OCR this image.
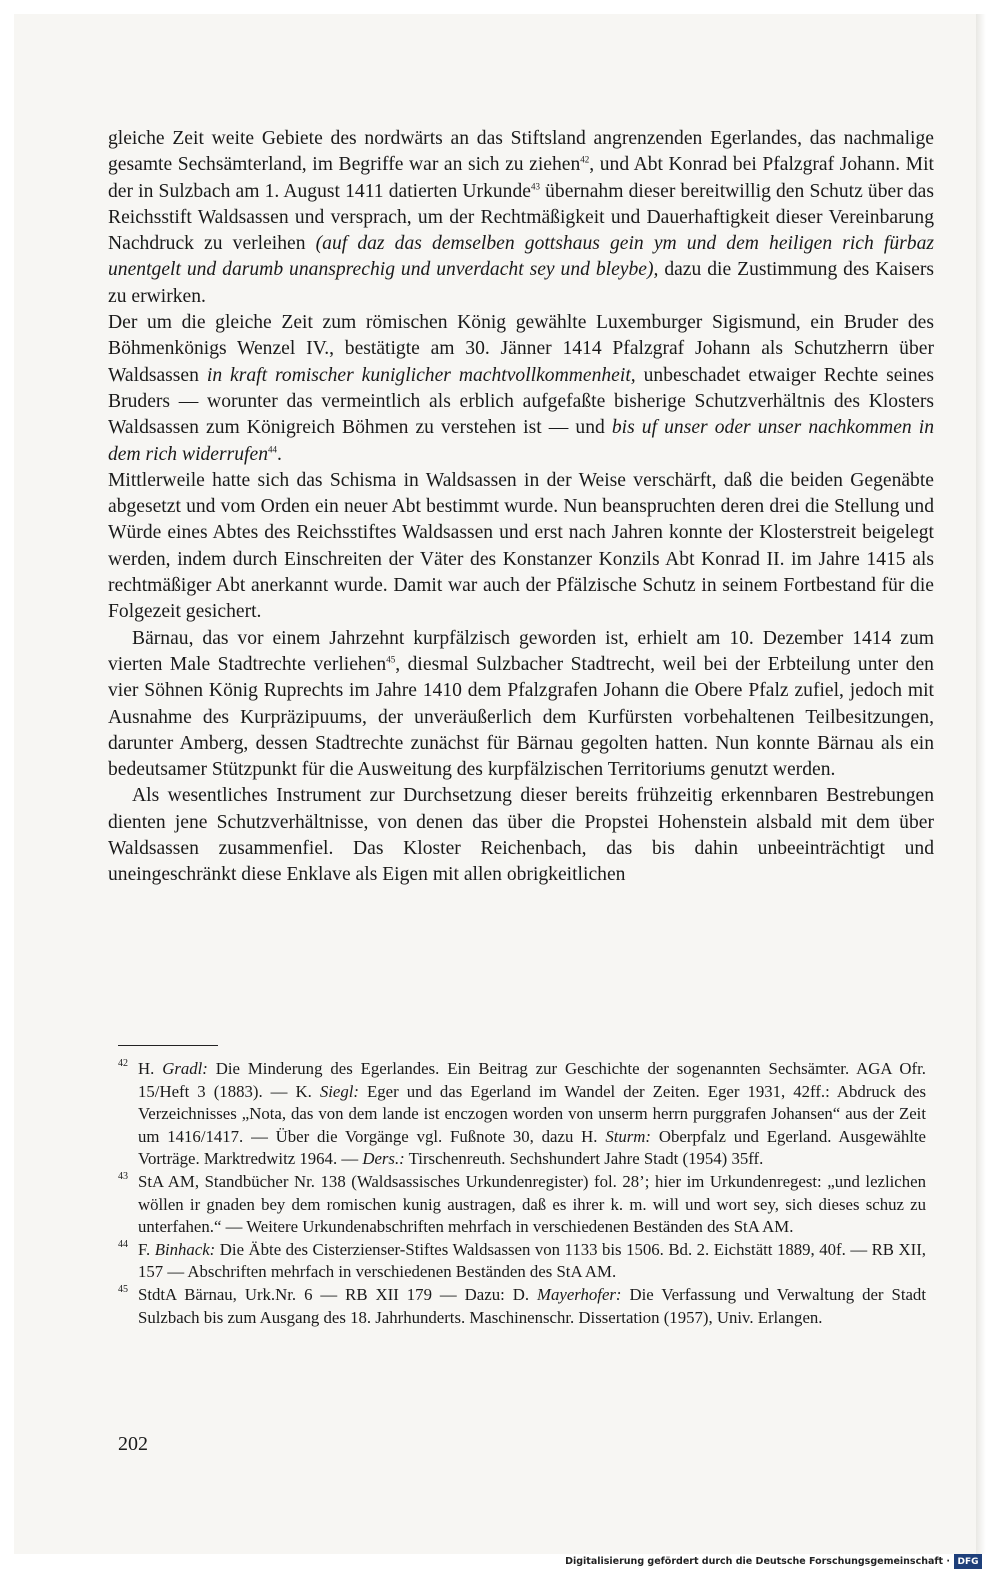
gleiche Zeit weite Gebiete des nordwärts an das Stiftsland angrenzenden Egerlandes, das nachmalige gesamte Sechsämterland, im Begriffe war an sich zu ziehen$^{42}$, und Abt Konrad bei Pfalzgraf Johann. Mit der in Sulzbach am 1. August 1411 datierten Urkunde$^{43}$ übernahm dieser bereitwillig den Schutz über das Reichsstift Waldsassen und versprach, um der Rechtmäßigkeit und Dauerhaftigkeit dieser Vereinbarung Nachdruck zu verleihen (auf daz das demselben gottshaus gein ym und dem heiligen rich fürbaz unentgelt und darumb unansprechig und unverdacht sey und bleybe), dazu die Zustimmung des Kaisers zu erwirken.

Der um die gleiche Zeit zum römischen König gewählte Luxemburger Sigismund, ein Bruder des Böhmenkönigs Wenzel IV., bestätigte am 30. Jänner 1414 Pfalzgraf Johann als Schutzherrn über Waldsassen in kraft romischer kuniglicher machtvollkommenheit, unbeschadet etwaiger Rechte seines Bruders — worunter das vermeintlich als erblich aufgefaßte bisherige Schutzverhältnis des Klosters Waldsassen zum Königreich Böhmen zu verstehen ist — und bis uf unser oder unser nachkommen in dem rich widerrufen$^{44}$.

Mittlerweile hatte sich das Schisma in Waldsassen in der Weise verschärft, daß die beiden Gegenäbte abgesetzt und vom Orden ein neuer Abt bestimmt wurde. Nun beanspruchten deren drei die Stellung und Würde eines Abtes des Reichsstiftes Waldsassen und erst nach Jahren konnte der Klosterstreit beigelegt werden, indem durch Einschreiten der Väter des Konstanzer Konzils Abt Konrad II. im Jahre 1415 als rechtmäßiger Abt anerkannt wurde. Damit war auch der Pfälzische Schutz in seinem Fortbestand für die Folgezeit gesichert.

Bärnau, das vor einem Jahrzehnt kurpfälzisch geworden ist, erhielt am 10. Dezember 1414 zum vierten Male Stadtrechte verliehen$^{45}$, diesmal Sulzbacher Stadtrecht, weil bei der Erbteilung unter den vier Söhnen König Ruprechts im Jahre 1410 dem Pfalzgrafen Johann die Obere Pfalz zufiel, jedoch mit Ausnahme des Kurpräzipuums, der unveräußerlich dem Kurfürsten vorbehaltenen Teilbesitzungen, darunter Amberg, dessen Stadtrechte zunächst für Bärnau gegolten hatten. Nun konnte Bärnau als ein bedeutsamer Stützpunkt für die Ausweitung des kurpfälzischen Territoriums genutzt werden.

Als wesentliches Instrument zur Durchsetzung dieser bereits frühzeitig erkennbaren Bestrebungen dienten jene Schutzverhältnisse, von denen das über die Propstei Hohenstein alsbald mit dem über Waldsassen zusammenfiel. Das Kloster Reichenbach, das bis dahin unbeeinträchtigt und uneingeschränkt diese Enklave als Eigen mit allen obrigkeitlichen

42 H. Gradl: Die Minderung des Egerlandes. Ein Beitrag zur Geschichte der sogenannten Sechsämter. AGA Ofr. 15/Heft 3 (1883). — K. Siegl: Eger und das Egerland im Wandel der Zeiten. Eger 1931, 42ff.: Abdruck des Verzeichnisses „Nota, das von dem lande ist enczogen worden von unserm herrn purggrafen Johansen“ aus der Zeit um 1416/1417. — Über die Vorgänge vgl. Fußnote 30, dazu H. Sturm: Oberpfalz und Egerland. Ausgewählte Vorträge. Marktredwitz 1964. — Ders.: Tirschenreuth. Sechshundert Jahre Stadt (1954) 35ff.

43 StA AM, Standbücher Nr. 138 (Waldsassisches Urkundenregister) fol. 28’; hier im Urkundenregest: „und lezlichen wöllen ir gnaden bey dem romischen kunig austragen, daß es ihrer k. m. will und wort sey, sich dieses schuz zu unterfahen.“ — Weitere Urkundenabschriften mehrfach in verschiedenen Beständen des StA AM.

44 F. Binhack: Die Äbte des Cisterzienser-Stiftes Waldsassen von 1133 bis 1506. Bd. 2. Eichstätt 1889, 40f. — RB XII, 157 — Abschriften mehrfach in verschiedenen Beständen des StA AM.

45 StdtA Bärnau, Urk.Nr. 6 — RB XII 179 — Dazu: D. Mayerhofer: Die Verfassung und Verwaltung der Stadt Sulzbach bis zum Ausgang des 18. Jahrhunderts. Maschinenschr. Dissertation (1957), Univ. Erlangen.

202
Digitalisierung gefördert durch die Deutsche Forschungsgemeinschaft · DFG
